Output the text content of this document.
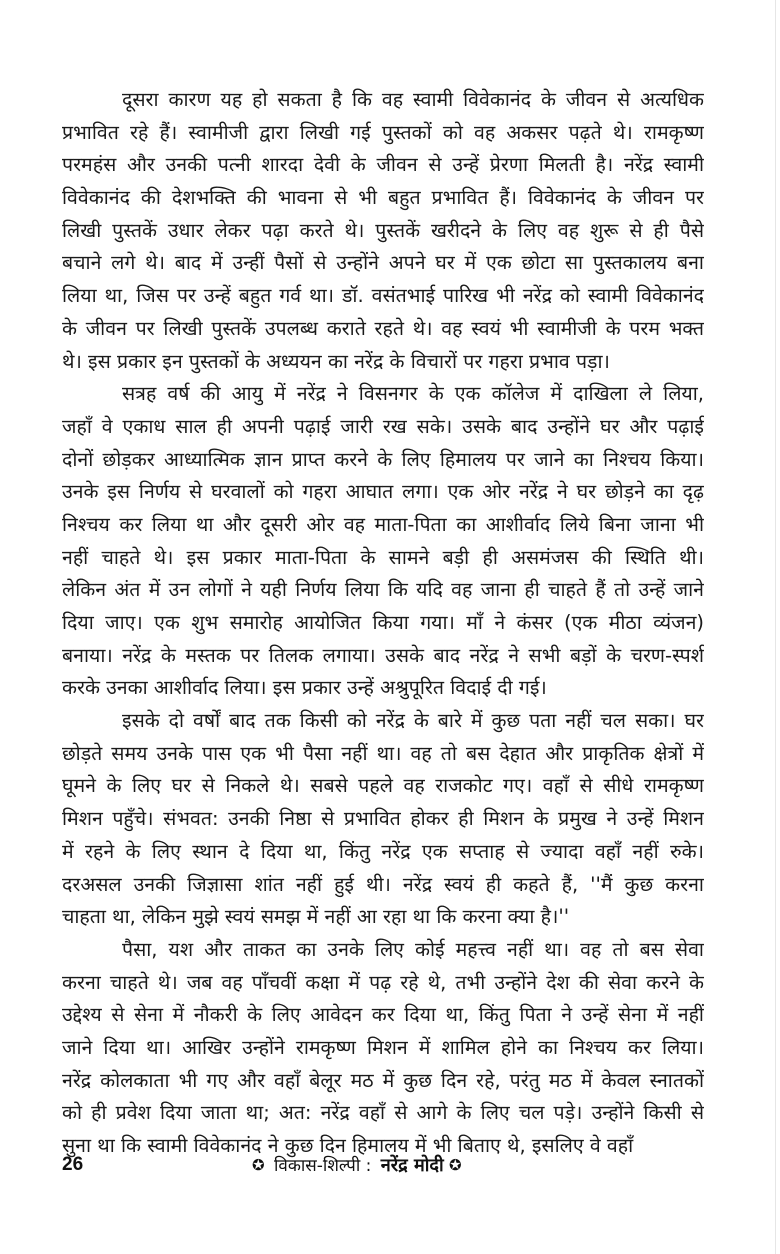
दूसरा कारण यह हो सकता है कि वह स्वामी विवेकानंद के जीवन से अत्यधिक
प्रभावित रहे हैं। स्वामीजी द्वारा लिखी गई पुस्तकों को वह अकसर पढ़ते थे। रामकृष्ण
परमहंस और उनकी पत्नी शारदा देवी के जीवन से उन्हें प्रेरणा मिलती है। नरेंद्र स्वामी
विवेकानंद की देशभक्ति की भावना से भी बहुत प्रभावित हैं। विवेकानंद के जीवन पर
लिखी पुस्तकें उधार लेकर पढ़ा करते थे। पुस्तकें खरीदने के लिए वह शुरू से ही पैसे
बचाने लगे थे। बाद में उन्हीं पैसों से उन्होंने अपने घर में एक छोटा सा पुस्तकालय बना
लिया था, जिस पर उन्हें बहुत गर्व था। डॉ. वसंतभाई पारिख भी नरेंद्र को स्वामी विवेकानंद
के जीवन पर लिखी पुस्तकें उपलब्ध कराते रहते थे। वह स्वयं भी स्वामीजी के परम भक्त
थे। इस प्रकार इन पुस्तकों के अध्ययन का नरेंद्र के विचारों पर गहरा प्रभाव पड़ा।
सत्रह वर्ष की आयु में नरेंद्र ने विसनगर के एक कॉलेज में दाखिला ले लिया,
जहाँ वे एकाध साल ही अपनी पढ़ाई जारी रख सके। उसके बाद उन्होंने घर और पढ़ाई
दोनों छोड़कर आध्यात्मिक ज्ञान प्राप्त करने के लिए हिमालय पर जाने का निश्चय किया।
उनके इस निर्णय से घरवालों को गहरा आघात लगा। एक ओर नरेंद्र ने घर छोड़ने का दृढ़
निश्चय कर लिया था और दूसरी ओर वह माता-पिता का आशीर्वाद लिये बिना जाना भी
नहीं चाहते थे। इस प्रकार माता-पिता के सामने बड़ी ही असमंजस की स्थिति थी।
लेकिन अंत में उन लोगों ने यही निर्णय लिया कि यदि वह जाना ही चाहते हैं तो उन्हें जाने
दिया जाए। एक शुभ समारोह आयोजित किया गया। माँ ने कंसर (एक मीठा व्यंजन)
बनाया। नरेंद्र के मस्तक पर तिलक लगाया। उसके बाद नरेंद्र ने सभी बड़ों के चरण-स्पर्श
करके उनका आशीर्वाद लिया। इस प्रकार उन्हें अश्रुपूरित विदाई दी गई।
इसके दो वर्षों बाद तक किसी को नरेंद्र के बारे में कुछ पता नहीं चल सका। घर
छोड़ते समय उनके पास एक भी पैसा नहीं था। वह तो बस देहात और प्राकृतिक क्षेत्रों में
घूमने के लिए घर से निकले थे। सबसे पहले वह राजकोट गए। वहाँ से सीधे रामकृष्ण
मिशन पहुँचे। संभवत: उनकी निष्ठा से प्रभावित होकर ही मिशन के प्रमुख ने उन्हें मिशन
में रहने के लिए स्थान दे दिया था, किंतु नरेंद्र एक सप्ताह से ज्यादा वहाँ नहीं रुके।
दरअसल उनकी जिज्ञासा शांत नहीं हुई थी। नरेंद्र स्वयं ही कहते हैं, ''मैं कुछ करना
चाहता था, लेकिन मुझे स्वयं समझ में नहीं आ रहा था कि करना क्या है।''
पैसा, यश और ताकत का उनके लिए कोई महत्त्व नहीं था। वह तो बस सेवा
करना चाहते थे। जब वह पाँचवीं कक्षा में पढ़ रहे थे, तभी उन्होंने देश की सेवा करने के
उद्देश्य से सेना में नौकरी के लिए आवेदन कर दिया था, किंतु पिता ने उन्हें सेना में नहीं
जाने दिया था। आखिर उन्होंने रामकृष्ण मिशन में शामिल होने का निश्चय कर लिया।
नरेंद्र कोलकाता भी गए और वहाँ बेलूर मठ में कुछ दिन रहे, परंतु मठ में केवल स्नातकों
को ही प्रवेश दिया जाता था; अत: नरेंद्र वहाँ से आगे के लिए चल पड़े। उन्होंने किसी से
सुना था कि स्वामी विवेकानंद ने कुछ दिन हिमालय में भी बिताए थे, इसलिए वे वहाँ
26	✪ विकास-शिल्पी : नरेंद्र मोदी ✪
